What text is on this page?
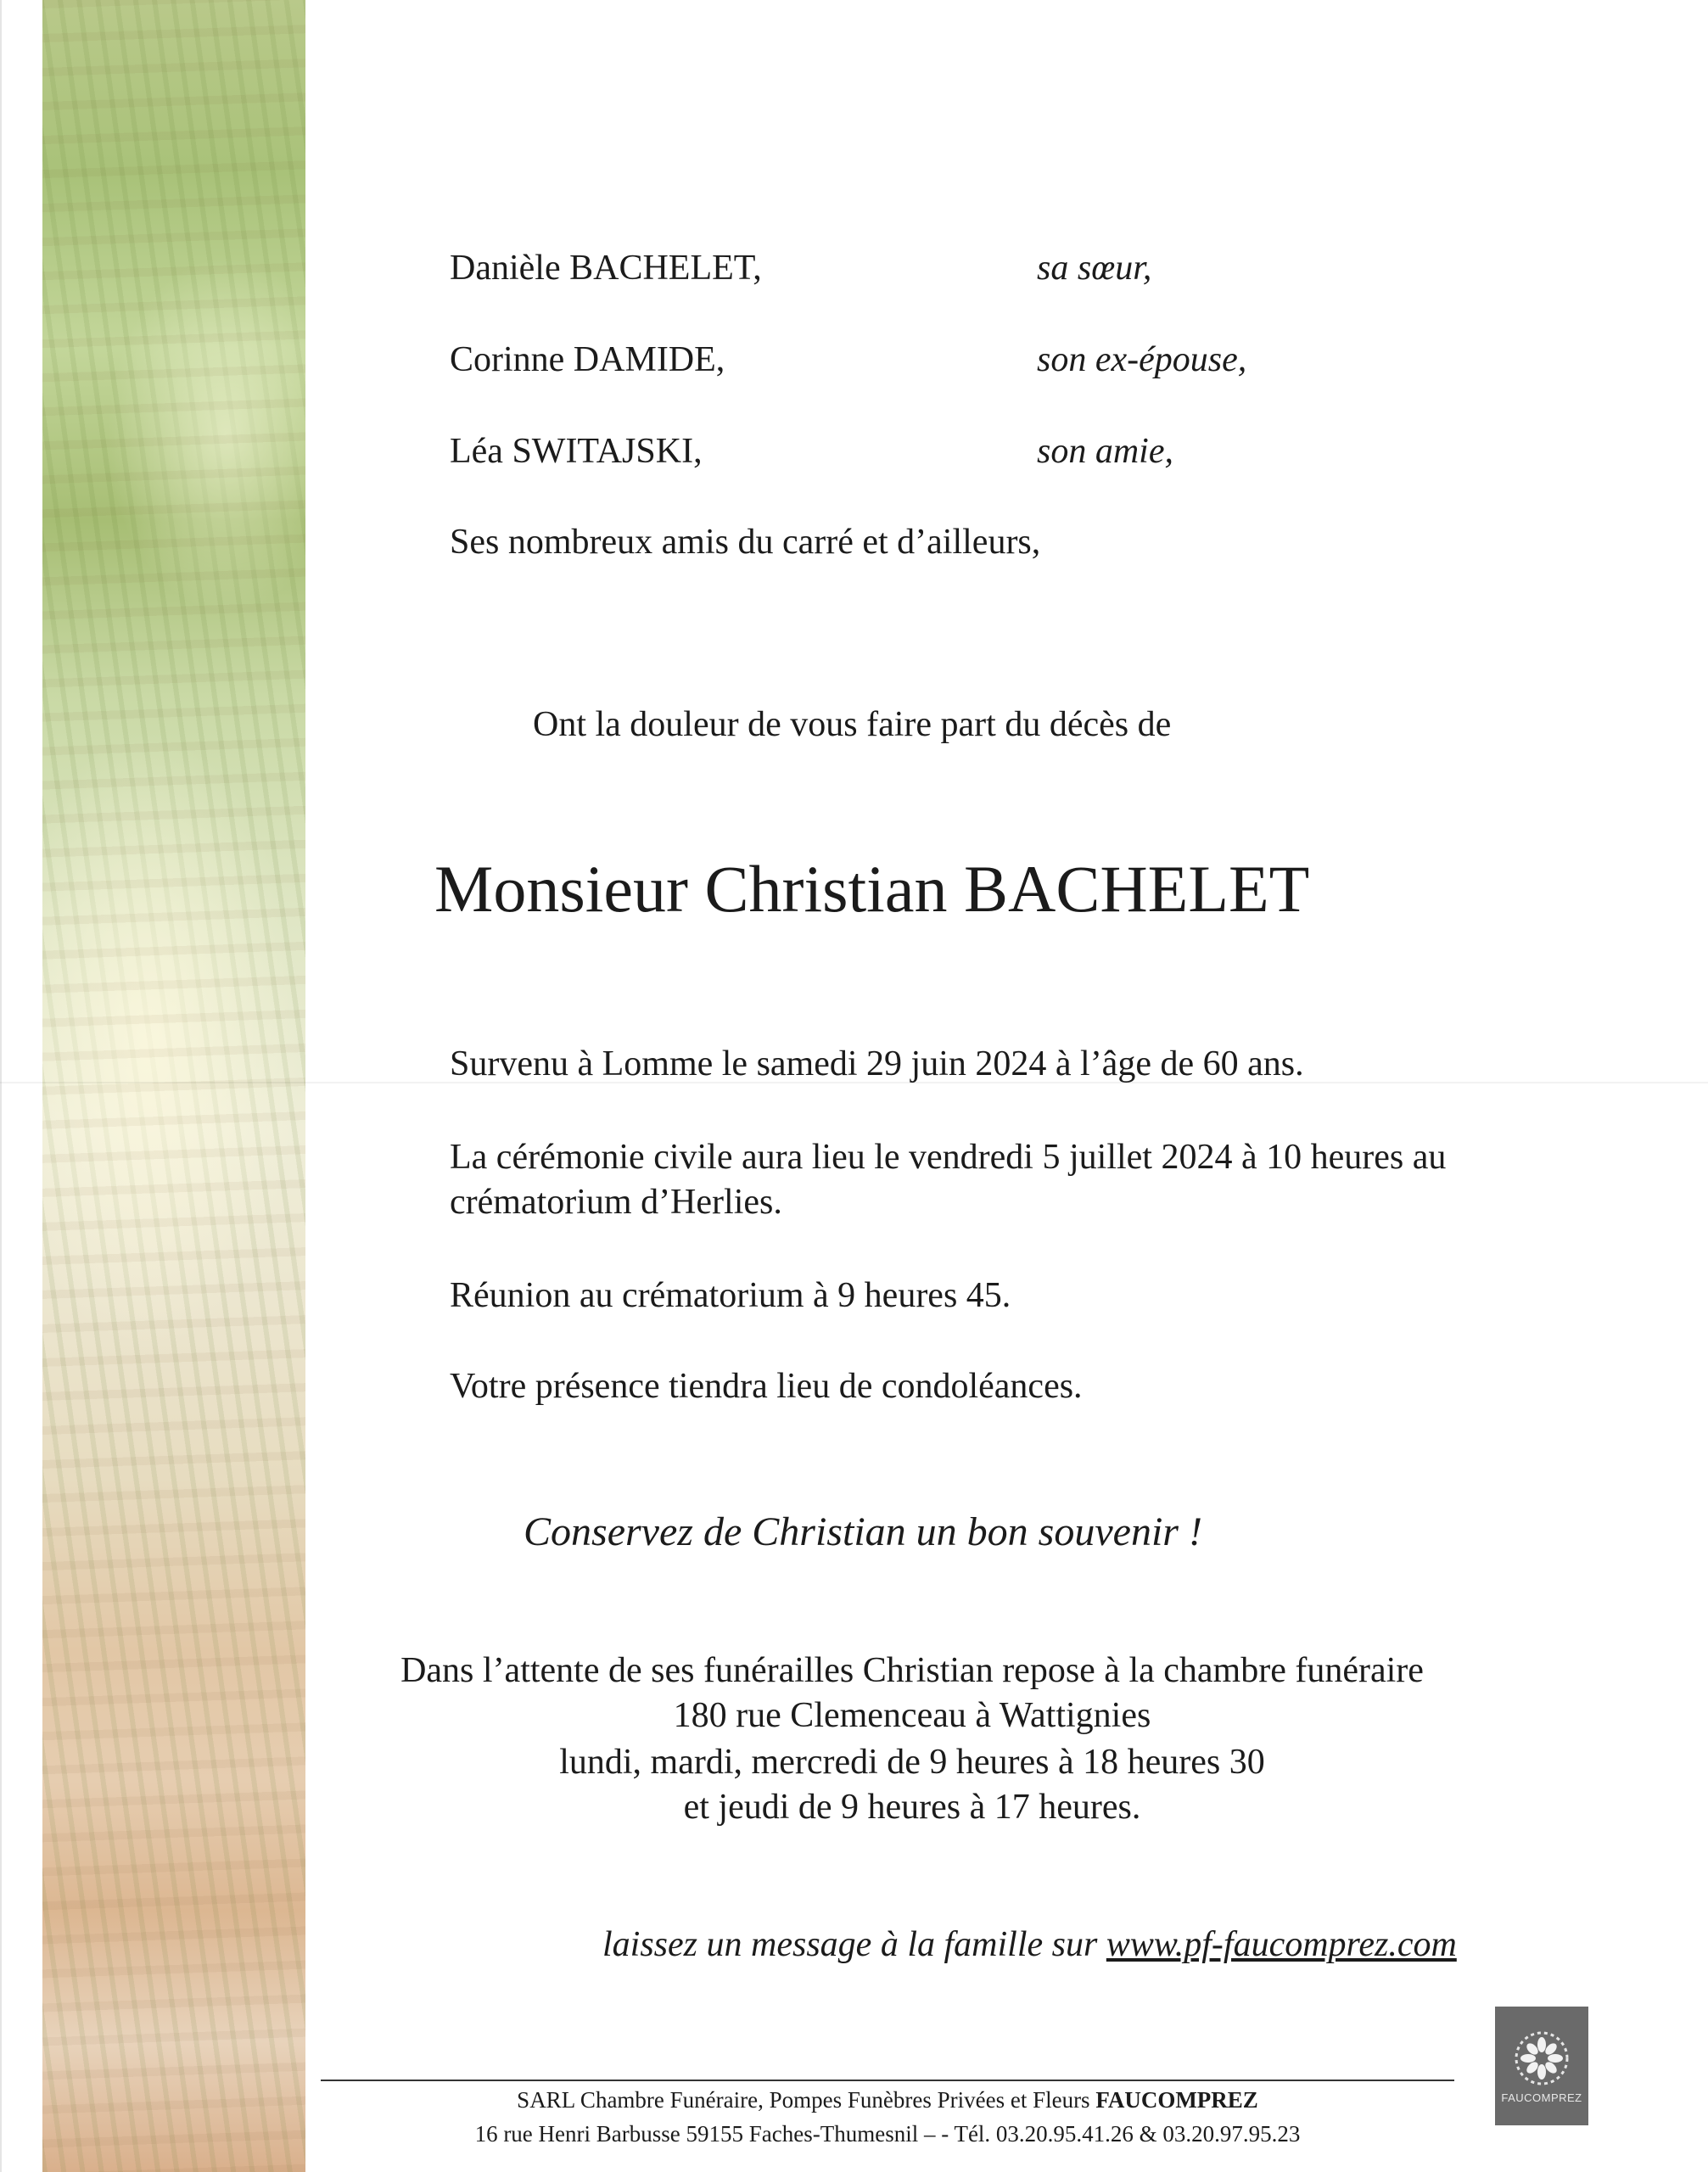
Danièle BACHELET,	sa sœur,
Corinne DAMIDE,	son ex-épouse,
Léa SWITAJSKI,	son amie,
Ses nombreux amis du carré et d’ailleurs,
Ont la douleur de vous faire part du décès de
Monsieur Christian BACHELET
Survenu à Lomme le samedi 29 juin 2024 à l’âge de 60 ans.
La cérémonie civile aura lieu le vendredi 5 juillet 2024 à 10 heures au
crématorium d’Herlies.
Réunion au crématorium à 9 heures 45.
Votre présence tiendra lieu de condoléances.
Conservez de Christian un bon souvenir !
Dans l’attente de ses funérailles Christian repose à la chambre funéraire
180 rue Clemenceau à Wattignies
lundi, mardi, mercredi de 9 heures à 18 heures 30
et jeudi de 9 heures à 17 heures.
laissez un message à la famille sur www.pf-faucomprez.com
FAUCOMPREZ
SARL Chambre Funéraire, Pompes Funèbres Privées et Fleurs FAUCOMPREZ
16 rue Henri Barbusse 59155 Faches-Thumesnil – - Tél. 03.20.95.41.26 & 03.20.97.95.23
